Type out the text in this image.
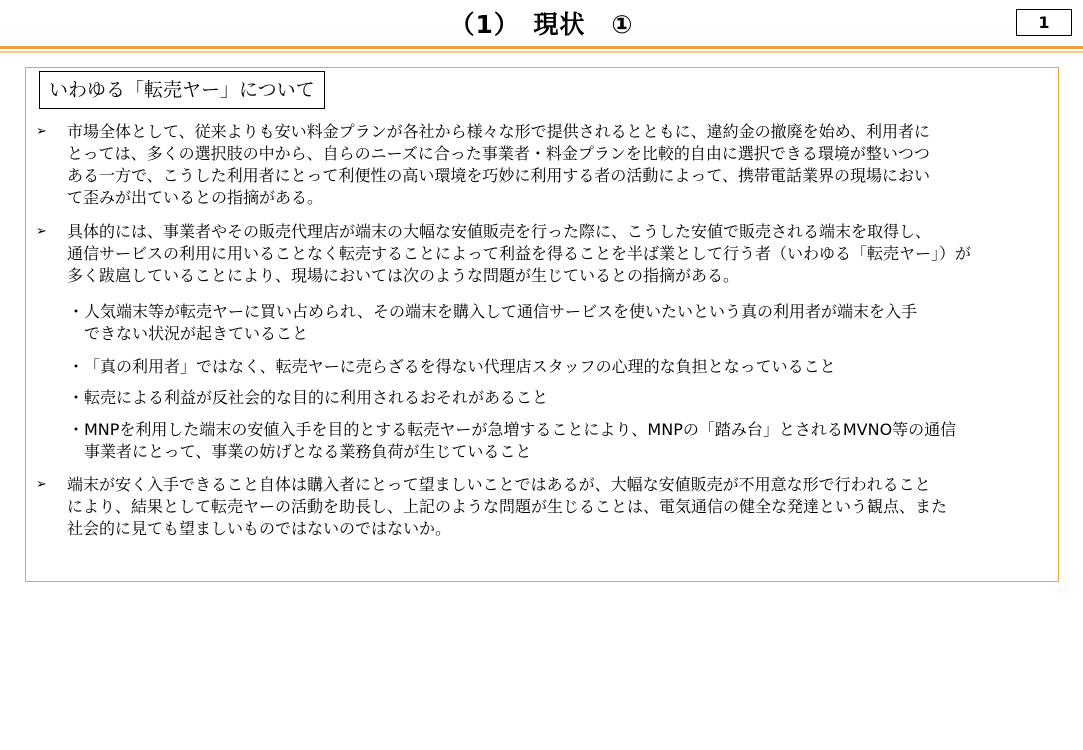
（1）　現状　①	1
いわゆる「転売ヤー」について
➢	市場全体として、従来よりも安い料金プランが各社から様々な形で提供されるとともに、違約金の撤廃を始め、利用者に
とっては、多くの選択肢の中から、自らのニーズに合った事業者・料金プランを比較的自由に選択できる環境が整いつつ
ある一方で、こうした利用者にとって利便性の高い環境を巧妙に利用する者の活動によって、携帯電話業界の現場におい
て歪みが出ているとの指摘がある。
➢	具体的には、事業者やその販売代理店が端末の大幅な安値販売を行った際に、こうした安値で販売される端末を取得し、
通信サービスの利用に用いることなく転売することによって利益を得ることを半ば業として行う者（いわゆる「転売ヤー」）が
多く跋扈していることにより、現場においては次のような問題が生じているとの指摘がある。
・ 人気端末等が転売ヤーに買い占められ、その端末を購入して通信サービスを使いたいという真の利用者が端末を入手
できない状況が起きていること
・ 「真の利用者」ではなく、転売ヤーに売らざるを得ない代理店スタッフの心理的な負担となっていること
・ 転売による利益が反社会的な目的に利用されるおそれがあること
・ MNPを利用した端末の安値入手を目的とする転売ヤーが急増することにより、MNPの「踏み台」とされるMVNO等の通信
事業者にとって、事業の妨げとなる業務負荷が生じていること
➢	端末が安く入手できること自体は購入者にとって望ましいことではあるが、大幅な安値販売が不用意な形で行われること
により、結果として転売ヤーの活動を助長し、上記のような問題が生じることは、電気通信の健全な発達という観点、また
社会的に見ても望ましいものではないのではないか。
